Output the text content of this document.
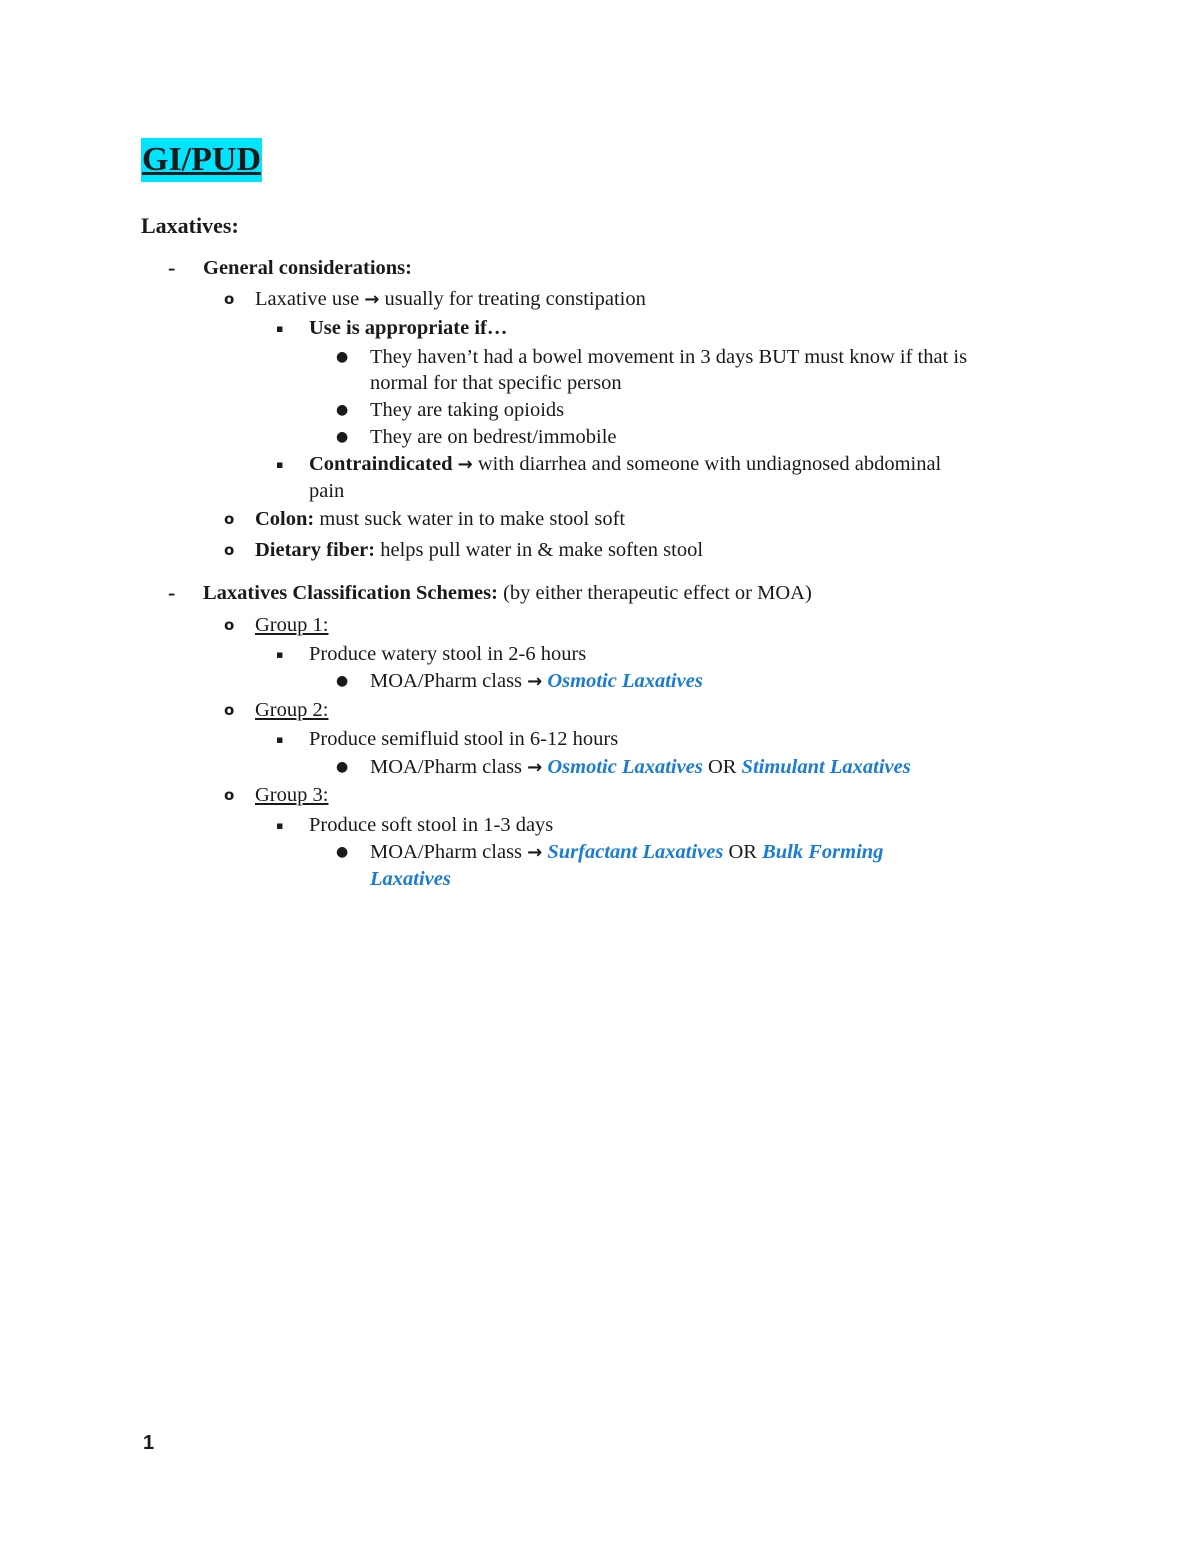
GI/PUD
Laxatives:
- General considerations:
o Laxative use → usually for treating constipation
▪ Use is appropriate if…
● They haven’t had a bowel movement in 3 days BUT must know if that is
normal for that specific person
● They are taking opioids
● They are on bedrest/immobile
▪ Contraindicated → with diarrhea and someone with undiagnosed abdominal
pain
o Colon: must suck water in to make stool soft
o Dietary fiber: helps pull water in & make soften stool
- Laxatives Classification Schemes: (by either therapeutic effect or MOA)
o Group 1:
▪ Produce watery stool in 2-6 hours
● MOA/Pharm class → Osmotic Laxatives
o Group 2:
▪ Produce semifluid stool in 6-12 hours
● MOA/Pharm class → Osmotic Laxatives OR Stimulant Laxatives
o Group 3:
▪ Produce soft stool in 1-3 days
● MOA/Pharm class → Surfactant Laxatives OR Bulk Forming
Laxatives
1
